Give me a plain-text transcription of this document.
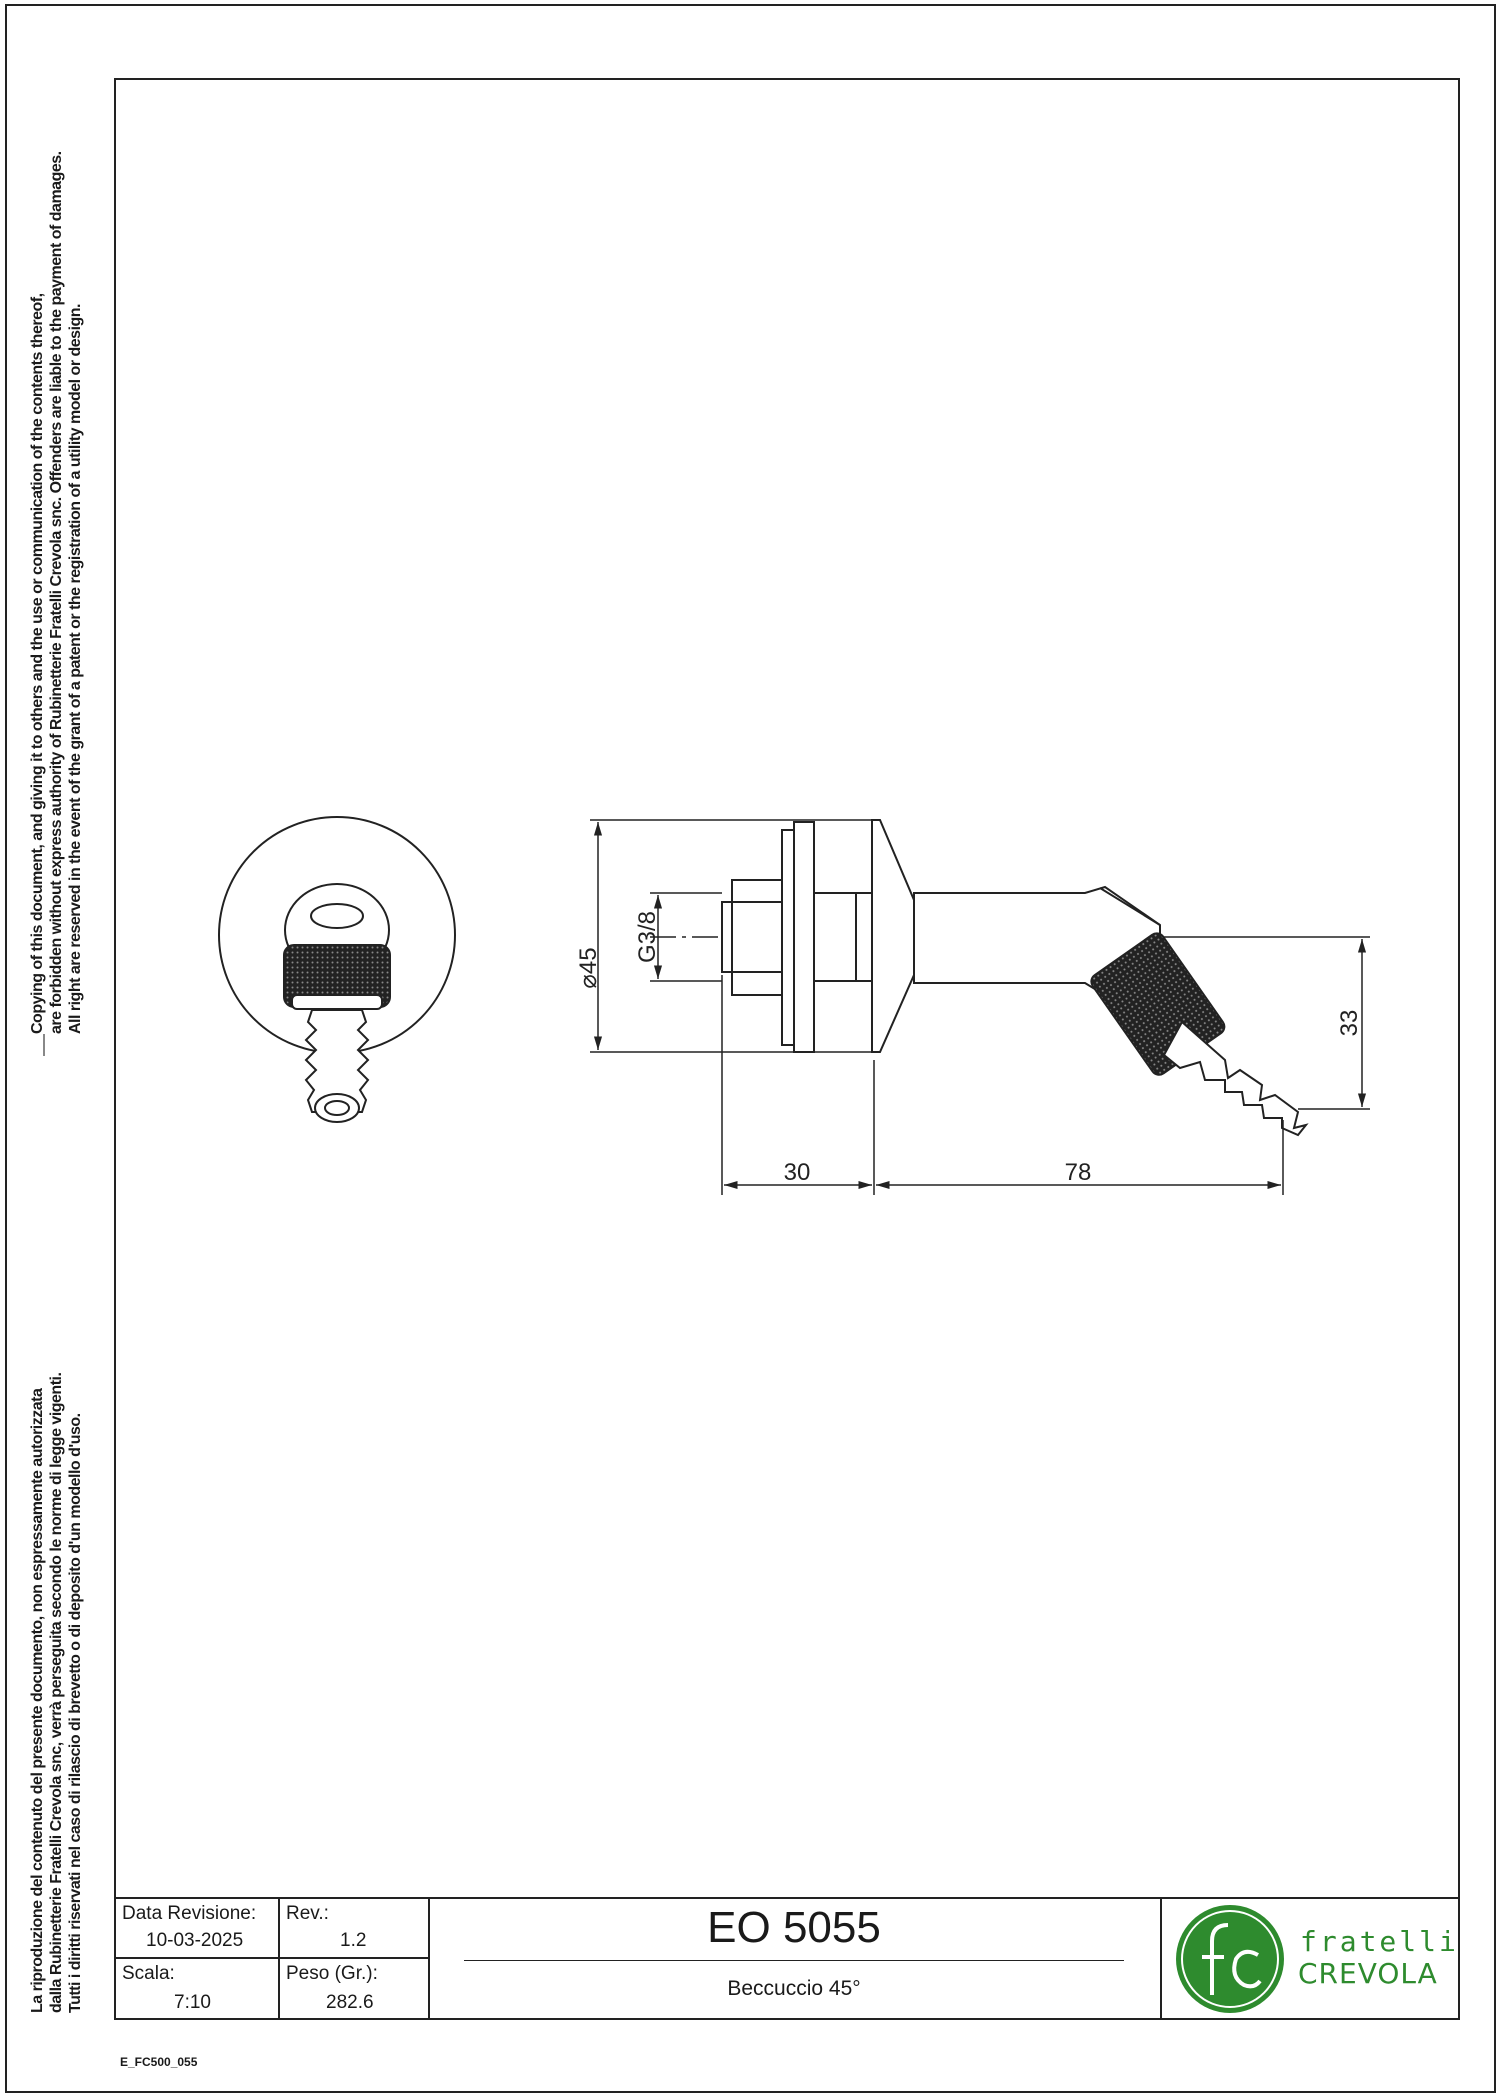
Copying of this document, and giving it to others and the use or communication of the contents thereof, are forbidden without express authority of Rubinetterie Fratelli Crevola snc. Offenders are liable to the payment of damages. All right are reserved in the event of the grant of a patent or the registration of a utility model or design.
La riproduzione del contenuto del presente documento, non espressamente autorizzata dalla Rubinetterie Fratelli Crevola snc, verrà perseguita secondo le norme di legge vigenti. Tutti i diritti riservati nel caso di rilascio di brevetto o di deposito d'un modello d'uso.
⌀45 G3/8
30	78
33
Data Revisione:
10-03-2025
Rev.:
1.2
Scala:
7:10
Peso (Gr.):
282.6
EO 5055
Beccuccio 45°
fratelli
CREVOLA
E_FC500_055
